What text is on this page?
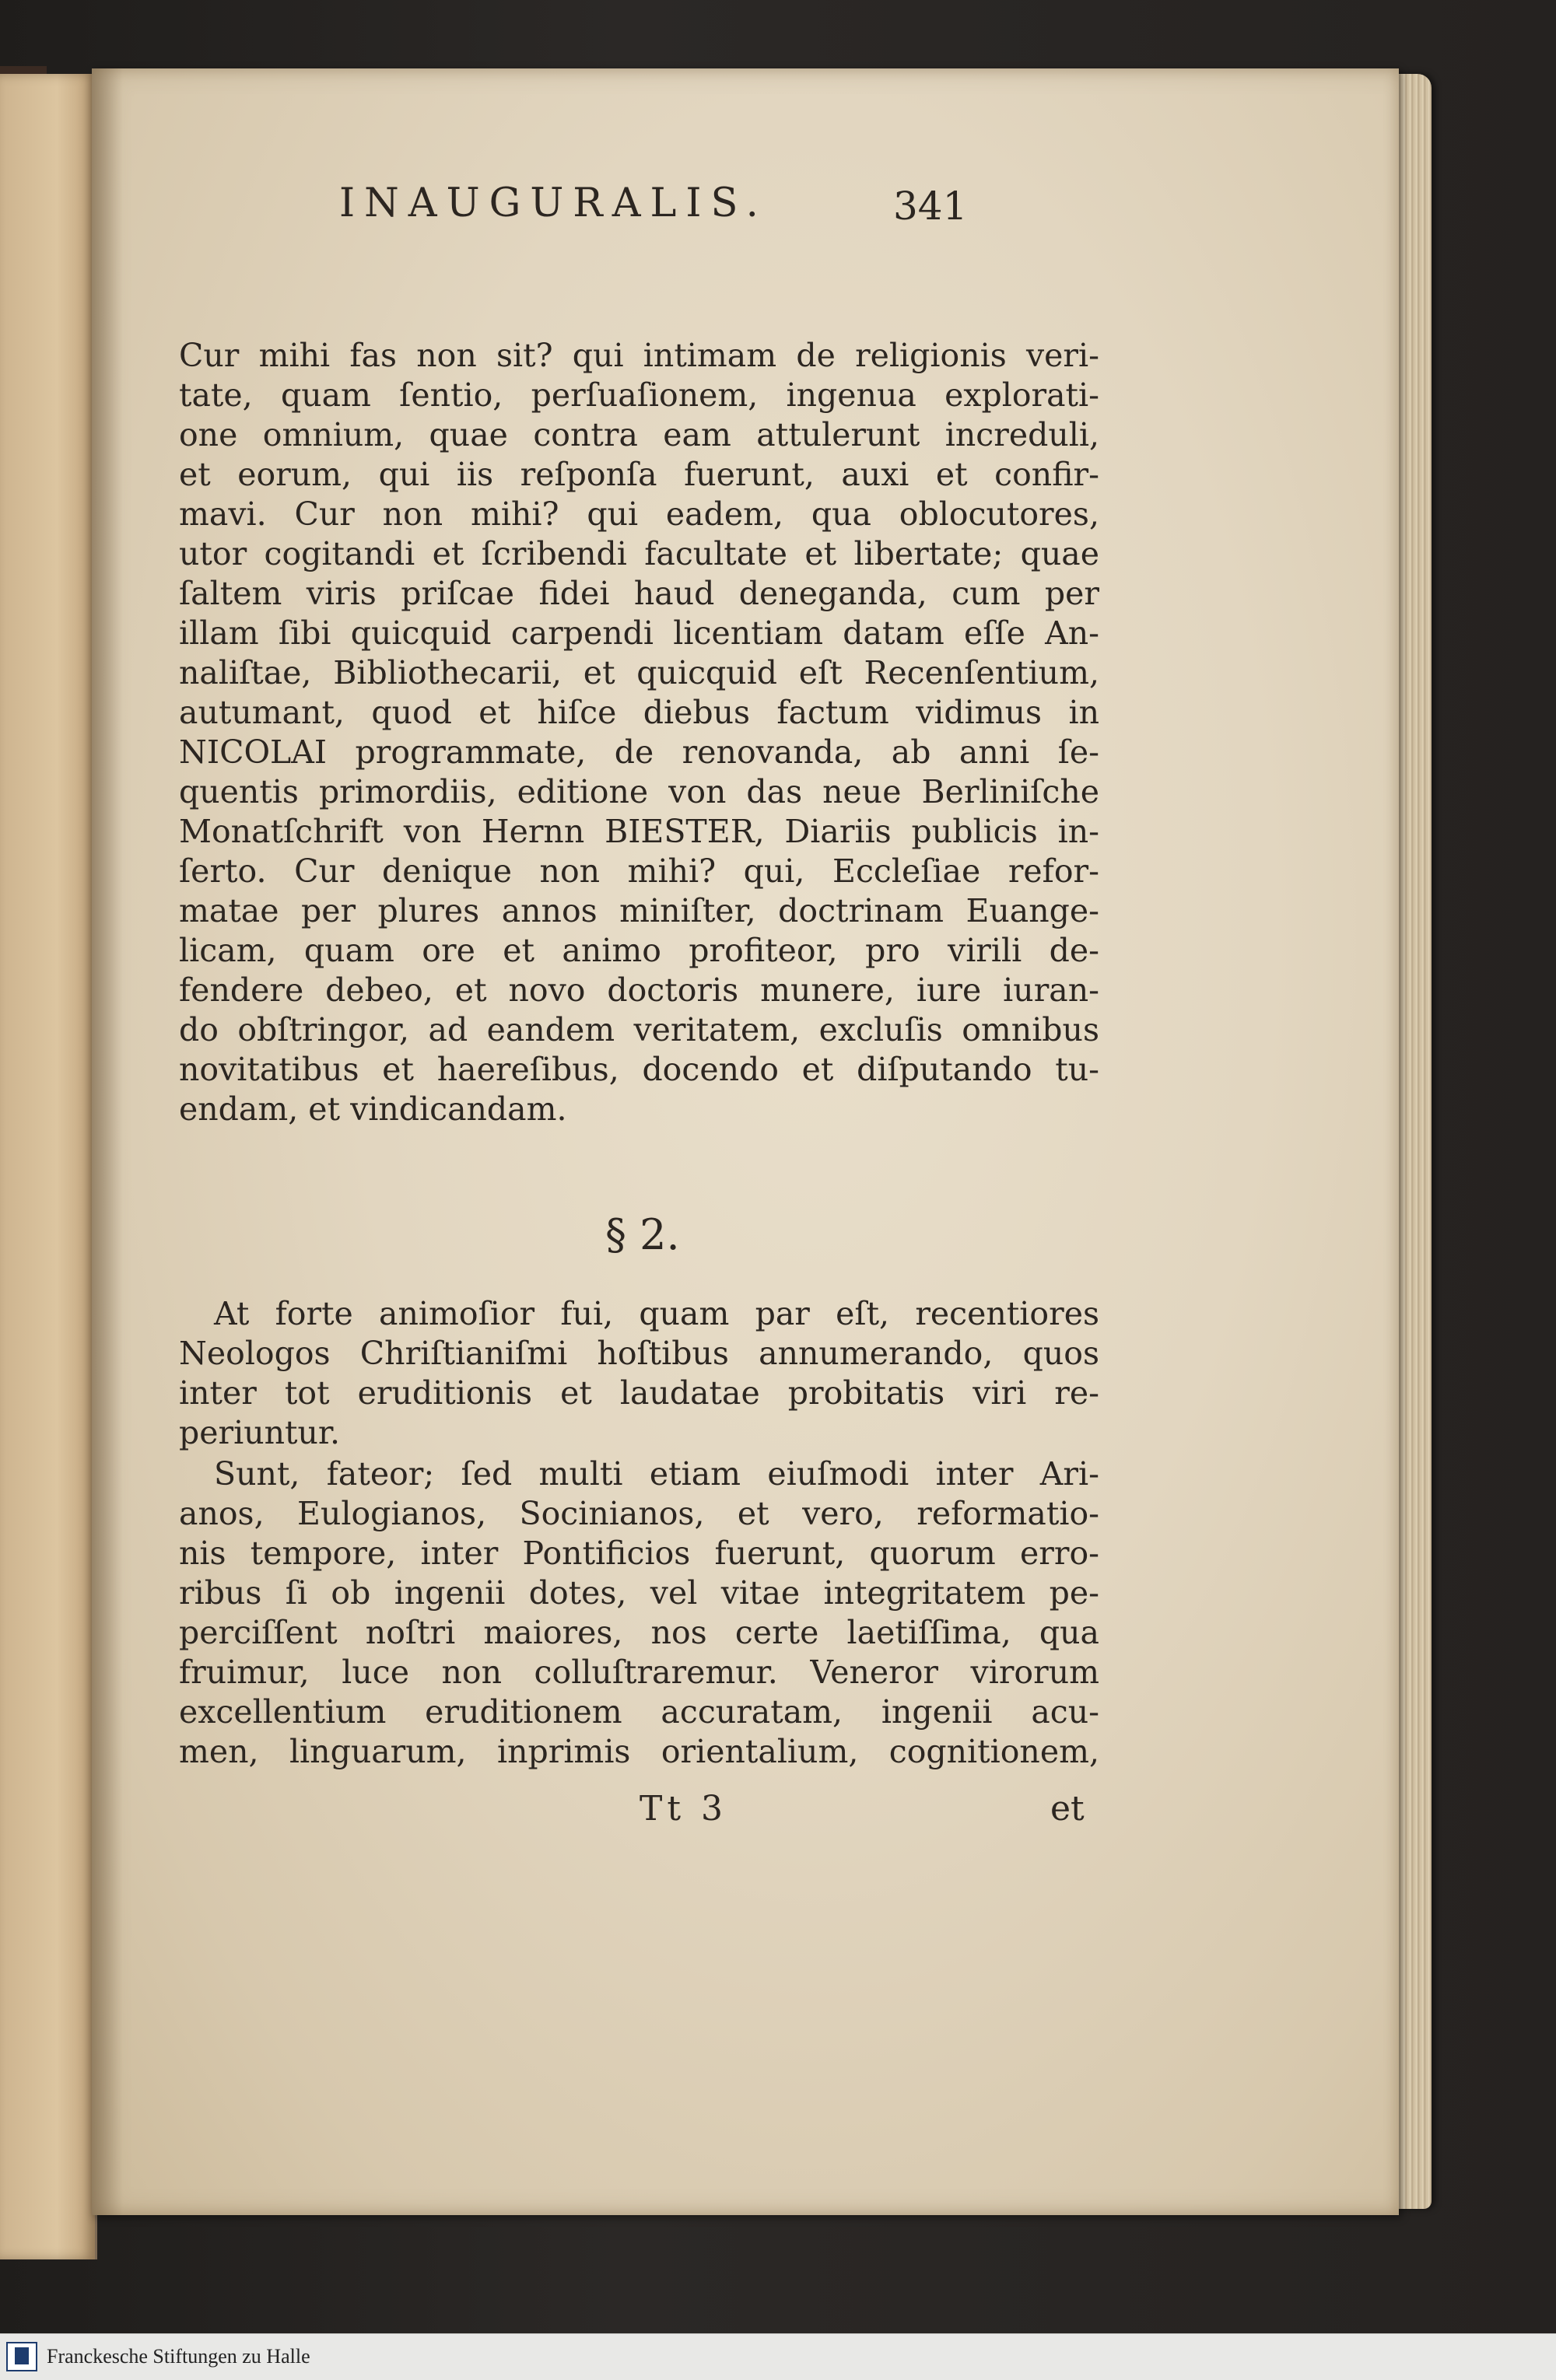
INAUGURALIS.	341
Cur mihi fas non sit? qui intimam de religionis veri-
tate, quam ſentio, perſuaſionem, ingenua explorati-
one omnium, quae contra eam attulerunt increduli,
et eorum, qui iis reſponſa fuerunt, auxi et confir-
mavi. Cur non mihi? qui eadem, qua oblocutores,
utor cogitandi et ſcribendi facultate et libertate; quae
ſaltem viris priſcae fidei haud deneganda, cum per
illam ſibi quicquid carpendi licentiam datam eſſe An-
naliſtae, Bibliothecarii, et quicquid eſt Recenſentium,
autumant, quod et hiſce diebus factum vidimus in
NICOLAI programmate, de renovanda, ab anni ſe-
quentis primordiis, editione von das neue Berliniſche
Monatſchrift von Hernn BIESTER, Diariis publicis in-
ſerto. Cur denique non mihi? qui, Eccleſiae refor-
matae per plures annos miniſter, doctrinam Euange-
licam, quam ore et animo profiteor, pro virili de-
fendere debeo, et novo doctoris munere, iure iuran-
do obſtringor, ad eandem veritatem, excluſis omnibus
novitatibus et haereſibus, docendo et diſputando tu-
endam, et vindicandam.
§ 2.
At forte animoſior fui, quam par eſt, recentiores
Neologos Chriſtianiſmi hoſtibus annumerando, quos
inter tot eruditionis et laudatae probitatis viri re-
periuntur.
Sunt, fateor; ſed multi etiam eiuſmodi inter Ari-
anos, Eulogianos, Socinianos, et vero, reformatio-
nis tempore, inter Pontificios fuerunt, quorum erro-
ribus ſi ob ingenii dotes, vel vitae integritatem pe-
perciſſent noſtri maiores, nos certe laetiſſima, qua
fruimur, luce non colluſtraremur. Veneror virorum
excellentium eruditionem accuratam, ingenii acu-
men, linguarum, inprimis orientalium, cognitionem,
Tt 3	et
Franckesche Stiftungen zu Halle
